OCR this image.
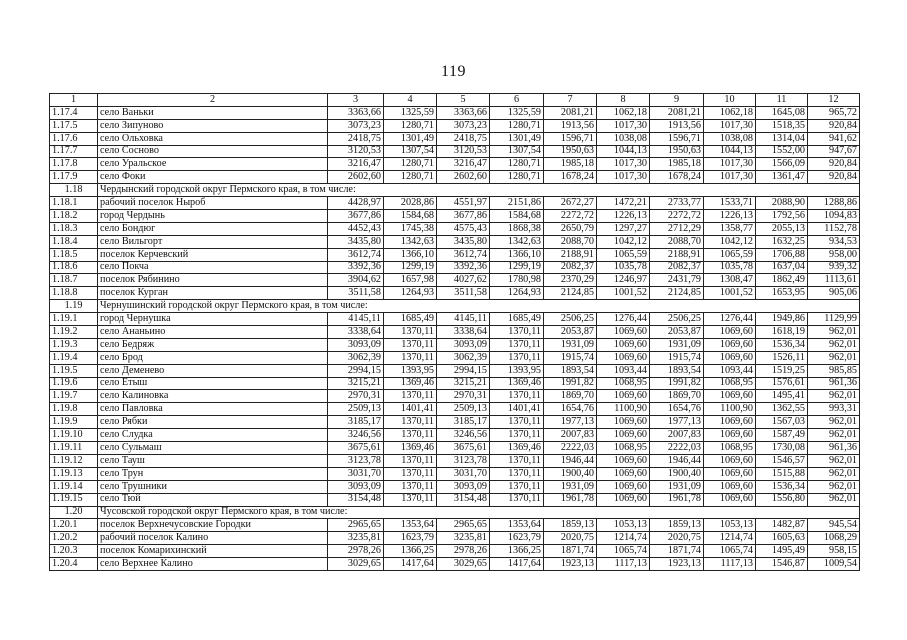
119
1	2	3	4	5	6	7	8	9	10	11	12
1.17.4	село Ваньки	3363,66	1325,59	3363,66	1325,59	2081,21	1062,18	2081,21	1062,18	1645,08	965,72
1.17.5	село Зипуново	3073,23	1280,71	3073,23	1280,71	1913,56	1017,30	1913,56	1017,30	1518,35	920,84
1.17.6	село Ольховка	2418,75	1301,49	2418,75	1301,49	1596,71	1038,08	1596,71	1038,08	1314,04	941,62
1.17.7	село Сосново	3120,53	1307,54	3120,53	1307,54	1950,63	1044,13	1950,63	1044,13	1552,00	947,67
1.17.8	село Уральское	3216,47	1280,71	3216,47	1280,71	1985,18	1017,30	1985,18	1017,30	1566,09	920,84
1.17.9	село Фоки	2602,60	1280,71	2602,60	1280,71	1678,24	1017,30	1678,24	1017,30	1361,47	920,84
1.18	Чердынский городской округ Пермского края, в том числе:										
1.18.1	рабочий поселок Ныроб	4428,97	2028,86	4551,97	2151,86	2672,27	1472,21	2733,77	1533,71	2088,90	1288,86
1.18.2	город Чердынь	3677,86	1584,68	3677,86	1584,68	2272,72	1226,13	2272,72	1226,13	1792,56	1094,83
1.18.3	село Бондюг	4452,43	1745,38	4575,43	1868,38	2650,79	1297,27	2712,29	1358,77	2055,13	1152,78
1.18.4	село Вильгорт	3435,80	1342,63	3435,80	1342,63	2088,70	1042,12	2088,70	1042,12	1632,25	934,53
1.18.5	поселок Керчевский	3612,74	1366,10	3612,74	1366,10	2188,91	1065,59	2188,91	1065,59	1706,88	958,00
1.18.6	село Покча	3392,36	1299,19	3392,36	1299,19	2082,37	1035,78	2082,37	1035,78	1637,04	939,32
1.18.7	поселок Рябинино	3904,62	1657,98	4027,62	1780,98	2370,29	1246,97	2431,79	1308,47	1862,49	1113,61
1.18.8	поселок Курган	3511,58	1264,93	3511,58	1264,93	2124,85	1001,52	2124,85	1001,52	1653,95	905,06
1.19	Чернушинский городской округ Пермского края, в том числе:										
1.19.1	город Чернушка	4145,11	1685,49	4145,11	1685,49	2506,25	1276,44	2506,25	1276,44	1949,86	1129,99
1.19.2	село Ананьино	3338,64	1370,11	3338,64	1370,11	2053,87	1069,60	2053,87	1069,60	1618,19	962,01
1.19.3	село Бедряж	3093,09	1370,11	3093,09	1370,11	1931,09	1069,60	1931,09	1069,60	1536,34	962,01
1.19.4	село Брод	3062,39	1370,11	3062,39	1370,11	1915,74	1069,60	1915,74	1069,60	1526,11	962,01
1.19.5	село Деменево	2994,15	1393,95	2994,15	1393,95	1893,54	1093,44	1893,54	1093,44	1519,25	985,85
1.19.6	село Етыш	3215,21	1369,46	3215,21	1369,46	1991,82	1068,95	1991,82	1068,95	1576,61	961,36
1.19.7	село Калиновка	2970,31	1370,11	2970,31	1370,11	1869,70	1069,60	1869,70	1069,60	1495,41	962,01
1.19.8	село Павловка	2509,13	1401,41	2509,13	1401,41	1654,76	1100,90	1654,76	1100,90	1362,55	993,31
1.19.9	село Рябки	3185,17	1370,11	3185,17	1370,11	1977,13	1069,60	1977,13	1069,60	1567,03	962,01
1.19.10	село Слудка	3246,56	1370,11	3246,56	1370,11	2007,83	1069,60	2007,83	1069,60	1587,49	962,01
1.19.11	село Сульмаш	3675,61	1369,46	3675,61	1369,46	2222,03	1068,95	2222,03	1068,95	1730,08	961,36
1.19.12	село Тауш	3123,78	1370,11	3123,78	1370,11	1946,44	1069,60	1946,44	1069,60	1546,57	962,01
1.19.13	село Трун	3031,70	1370,11	3031,70	1370,11	1900,40	1069,60	1900,40	1069,60	1515,88	962,01
1.19.14	село Трушники	3093,09	1370,11	3093,09	1370,11	1931,09	1069,60	1931,09	1069,60	1536,34	962,01
1.19.15	село Тюй	3154,48	1370,11	3154,48	1370,11	1961,78	1069,60	1961,78	1069,60	1556,80	962,01
1.20	Чусовской городской округ Пермского края, в том числе:										
1.20.1	поселок Верхнечусовские Городки	2965,65	1353,64	2965,65	1353,64	1859,13	1053,13	1859,13	1053,13	1482,87	945,54
1.20.2	рабочий поселок Калино	3235,81	1623,79	3235,81	1623,79	2020,75	1214,74	2020,75	1214,74	1605,63	1068,29
1.20.3	поселок Комарихинский	2978,26	1366,25	2978,26	1366,25	1871,74	1065,74	1871,74	1065,74	1495,49	958,15
1.20.4	село Верхнее Калино	3029,65	1417,64	3029,65	1417,64	1923,13	1117,13	1923,13	1117,13	1546,87	1009,54
